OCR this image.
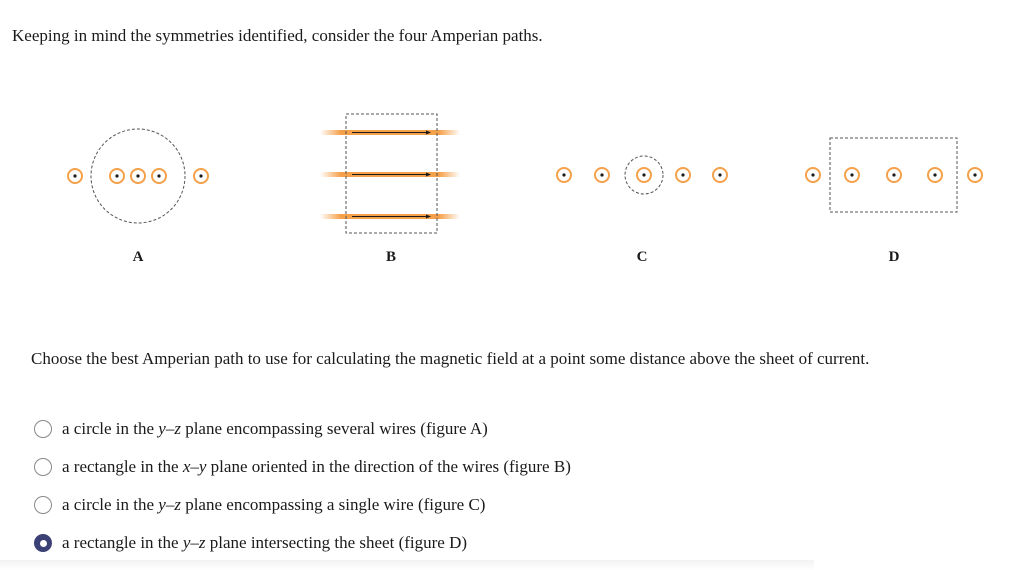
Keeping in mind the symmetries identified, consider the four Amperian paths.
A	B	C	D
Choose the best Amperian path to use for calculating the magnetic field at a point some distance above the sheet of current.
a circle in the y–z plane encompassing several wires (figure A)
a rectangle in the x–y plane oriented in the direction of the wires (figure B)
a circle in the y–z plane encompassing a single wire (figure C)
a rectangle in the y–z plane intersecting the sheet (figure D)
